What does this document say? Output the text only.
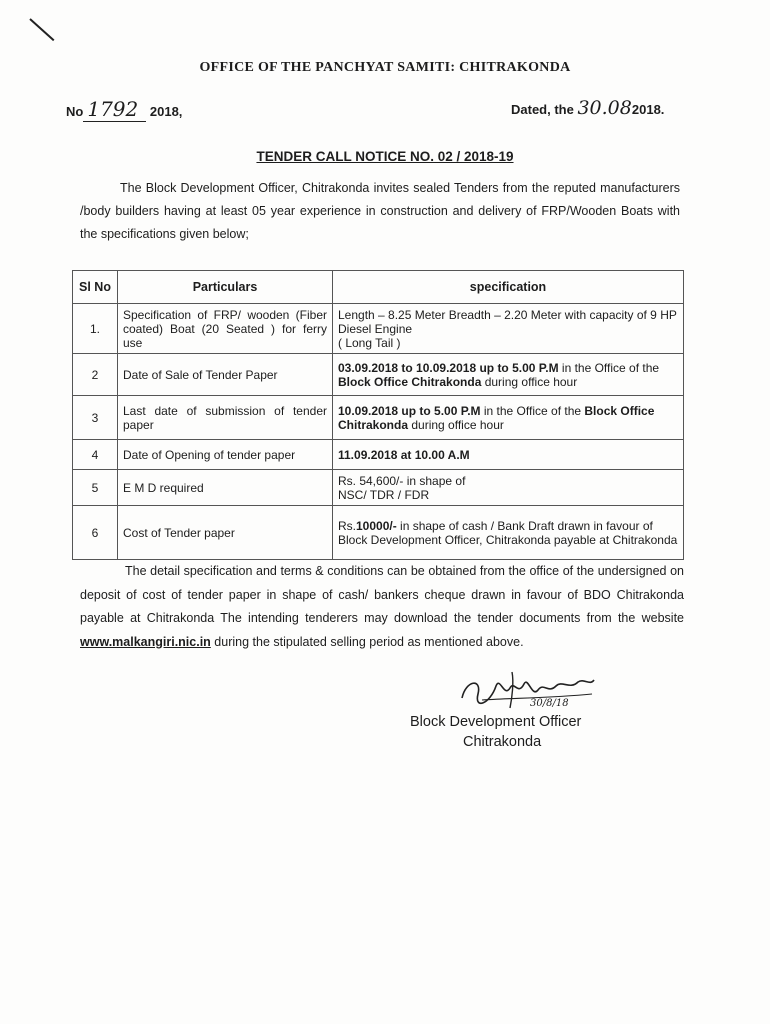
OFFICE OF THE PANCHYAT SAMITI: CHITRAKONDA
No 1792 2018,	Dated, the 30.082018.
TENDER CALL NOTICE NO. 02 / 2018-19
The Block Development Officer, Chitrakonda invites sealed Tenders from the reputed manufacturers /body builders having at least 05 year experience in construction and delivery of FRP/Wooden Boats with the specifications given below;
Sl No	Particulars	specification
1.	Specification of FRP/ wooden (Fiber coated) Boat (20 Seated ) for ferry use	Length – 8.25 Meter Breadth – 2.20 Meter with capacity of 9 HP Diesel Engine
( Long Tail )

2	Date of Sale of Tender Paper	03.09.2018 to 10.09.2018 up to 5.00 P.M in the Office of the Block Office Chitrakonda during office hour
3	Last date of submission of tender paper	10.09.2018 up to 5.00 P.M in the Office of the Block Office Chitrakonda during office hour
4	Date of Opening of tender paper	11.09.2018 at 10.00 A.M
5	E M D required	Rs. 54,600/- in shape of
NSC/ TDR / FDR

6	Cost of Tender paper	Rs.10000/- in shape of cash / Bank Draft drawn in favour of Block Development Officer, Chitrakonda payable at Chitrakonda
The detail specification and terms & conditions can be obtained from the office of the undersigned on deposit of cost of tender paper in shape of cash/ bankers cheque drawn in favour of BDO Chitrakonda payable at Chitrakonda The intending tenderers may download the tender documents from the website www.malkangiri.nic.in during the stipulated selling period as mentioned above.
30/8/18
Block Development Officer
Chitrakonda
